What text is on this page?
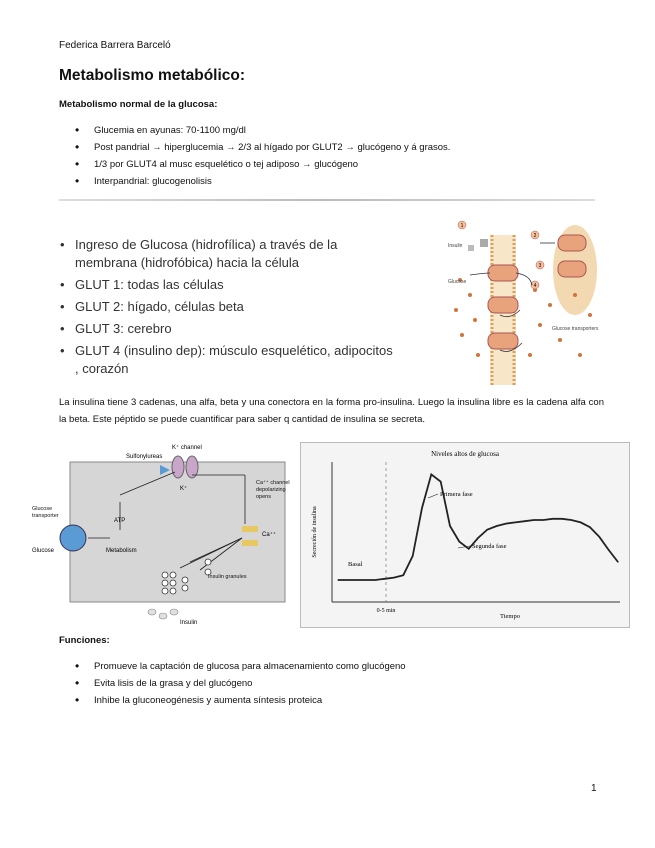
Federica Barrera Barceló
Metabolismo metabólico:
Metabolismo normal de la glucosa:
• Glucemia en ayunas: 70-1100 mg/dl
• Post pandrial → hiperglucemia → 2/3 al hígado por GLUT2 → glucógeno y á grasos.
• 1/3 por GLUT4 al musc esquelético o tej adiposo → glucógeno
• Interpandrial: glucogenolisis
• Ingreso de Glucosa (hidrofílica) a través de la membrana (hidrofóbica) hacia la célula
• GLUT 1: todas las células
• GLUT 2: hígado, células beta
• GLUT 3: cerebro
• GLUT 4 (insulino dep): músculo esquelético, adipocitos , corazón
1
2
3
4
Insulin
Glucose
Glucose transporters
La insulina tiene 3 cadenas, una alfa, beta y una conectora en la forma pro-insulina. Luego la insulina libre es la cadena alfa con la beta. Este péptido se puede cuantificar para saber q cantidad de insulina se secreta.
Sulfonylureas
K⁺ channel
K⁺
Ca⁺⁺ channel depolarizing opens
Ca⁺⁺
Glucose transporter
Glucose
ATP
Metabolism
Insulin granules
Insulin
Niveles altos de glucosa
Secreción de insulina
Tiempo
0-5 min
Basal
Primera fase
Segunda fase
Funciones:
• Promueve la captación de glucosa para almacenamiento como glucógeno
• Evita lisis de la grasa y del glucógeno
• Inhibe la gluconeogénesis y aumenta síntesis proteica
1
